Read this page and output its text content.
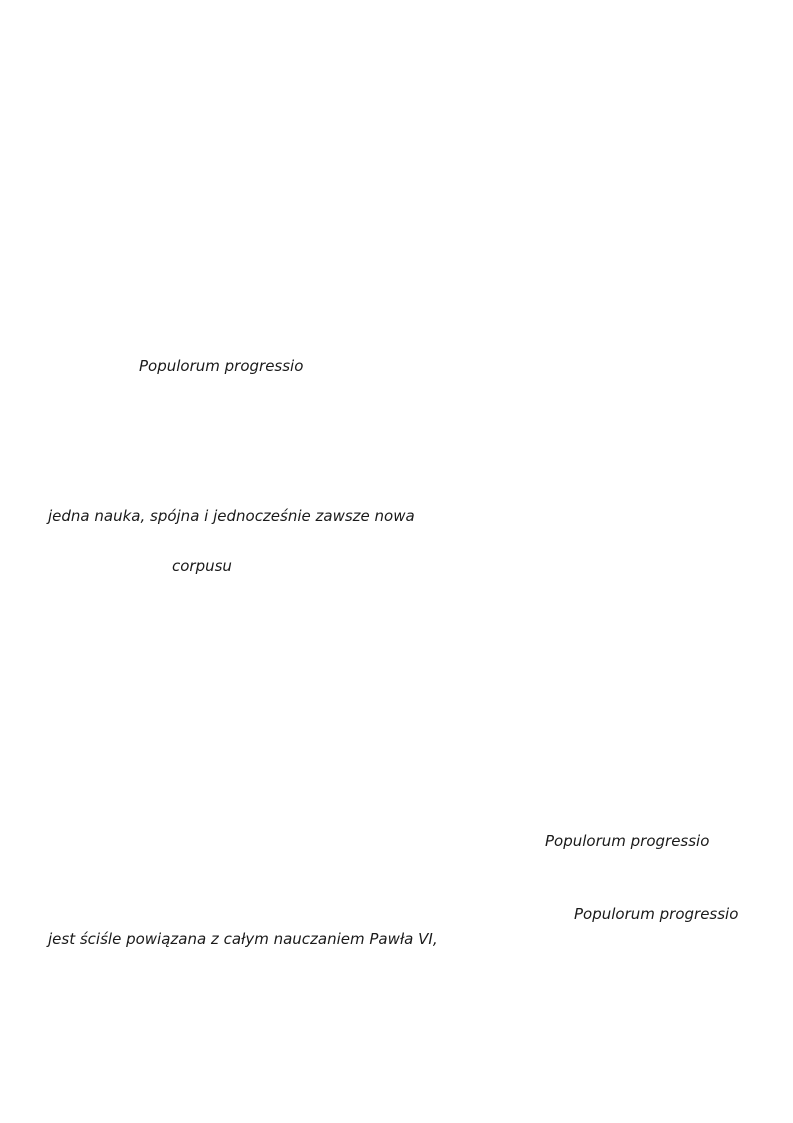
Populorum progressio
jedna nauka, spójna i jednocześnie zawsze nowa
corpusu
Populorum progressio
Populorum progressio
jest ściśle powiązana z całym nauczaniem Pawła VI,
